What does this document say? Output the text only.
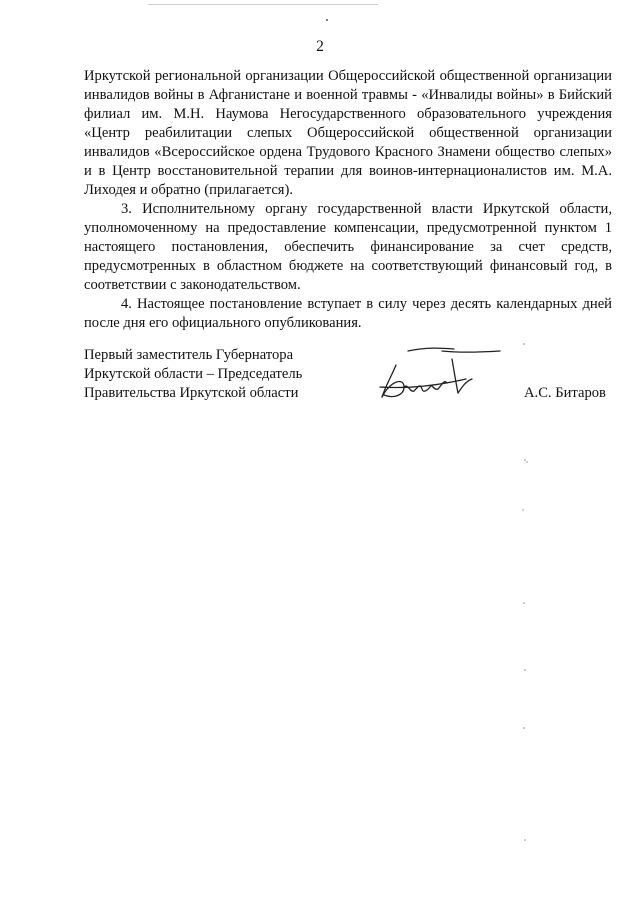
2

Иркутской региональной организации Общероссийской общественной организации инвалидов войны в Афганистане и военной травмы - «Инвалиды войны» в Бийский филиал им. М.Н. Наумова Негосударственного образовательного учреждения «Центр реабилитации слепых Общероссийской общественной организации инвалидов «Всероссийское ордена Трудового Красного Знамени общество слепых» и в Центр восстановительной терапии для воинов-интернационалистов им. М.А. Лиходея и обратно (прилагается).

3. Исполнительному органу государственной власти Иркутской области, уполномоченному на предоставление компенсации, предусмотренной пунктом 1 настоящего постановления, обеспечить финансирование за счет средств, предусмотренных в областном бюджете на соответствующий финансовый год, в соответствии с законодательством.

4. Настоящее постановление вступает в силу через десять календарных дней после дня его официального опубликования.

Первый заместитель Губернатора
Иркутской области – Председатель
Правительства Иркутской области	А.С. Битаров
